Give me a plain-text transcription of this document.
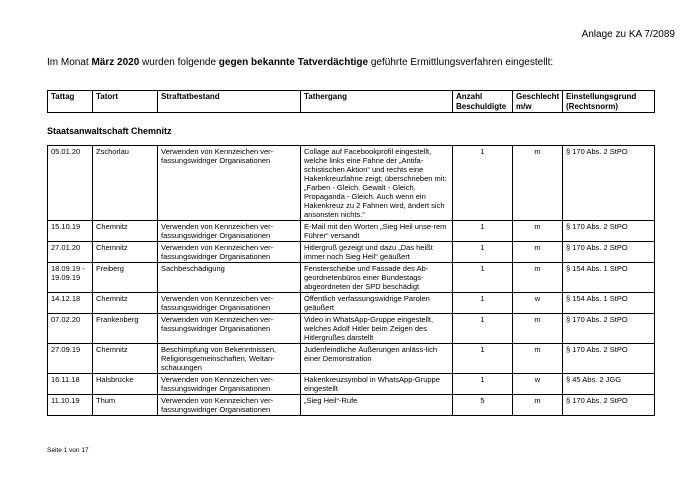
Anlage zu KA 7/2089
Im Monat März 2020 wurden folgende gegen bekannte Tatverdächtige geführte Ermittlungsverfahren eingestellt:
Tattag	Tatort	Straftatbestand	Tathergang	Anzahl Beschuldigte	Geschlecht m/w	Einstellungsgrund (Rechtsnorm)
Staatsanwaltschaft Chemnitz
05.01.20	Zschorlau	Verwenden von Kennzeichen ver-fassungswidriger Organisationen	Collage auf Facebookprofil eingestellt, welche links eine Fahne der „Antifa-schistischen Aktion“ und rechts eine Hakenkreuzfahne zeigt; überschrieben mit: „Farben - Gleich. Gewalt - Gleich. Propaganda - Gleich. Auch wenn ein Hakenkreuz zu 2 Fahnen wird, ändert sich ansonsten nichts.“	1	m	§ 170 Abs. 2 StPO
15.10.19	Chemnitz	Verwenden von Kennzeichen ver-fassungswidriger Organisationen	E-Mail mit den Worten „Sieg Heil unse-rem Führer“ versandt	1	m	§ 170 Abs. 2 StPO
27.01.20	Chemnitz	Verwenden von Kennzeichen ver-fassungswidriger Organisationen	Hitlergruß gezeigt und dazu „Das heißt immer noch Sieg Heil“ geäußert	1	m	§ 170 Abs. 2 StPO
18.09.19 - 19.09.19	Freiberg	Sachbeschädigung	Fensterscheibe und Fassade des Ab-geordnetenbüros einer Bundestags-abgeordneten der SPD beschädigt	1	m	§ 154 Abs. 1 StPO
14.12.18	Chemnitz	Verwenden von Kennzeichen ver-fassungswidriger Organisationen	Öffentlich verfassungswidrige Parolen geäußert	1	w	§ 154 Abs. 1 StPO
07.02.20	Frankenberg	Verwenden von Kennzeichen ver-fassungswidriger Organisationen	Video in WhatsApp-Gruppe eingestellt, welches Adolf Hitler beim Zeigen des Hitlergrußes darstellt	1	m	§ 170 Abs. 2 StPO
27.09.19	Chemnitz	Beschimpfung von Bekenntnissen, Religionsgemeinschaften, Weltan-schauungen	Judenfeindliche Äußerungen anläss-lich einer Demonstration	1	m	§ 170 Abs. 2 StPO
16.11.18	Halsbrücke	Verwenden von Kennzeichen ver-fassungswidriger Organisationen	Hakenkreuzsymbol in WhatsApp-Gruppe eingestellt	1	w	§ 45 Abs. 2 JGG
11.10.19	Thum	Verwenden von Kennzeichen ver-fassungswidriger Organisationen	„Sieg Heil“-Rufe	5	m	§ 170 Abs. 2 StPO
Seite 1 von 17
